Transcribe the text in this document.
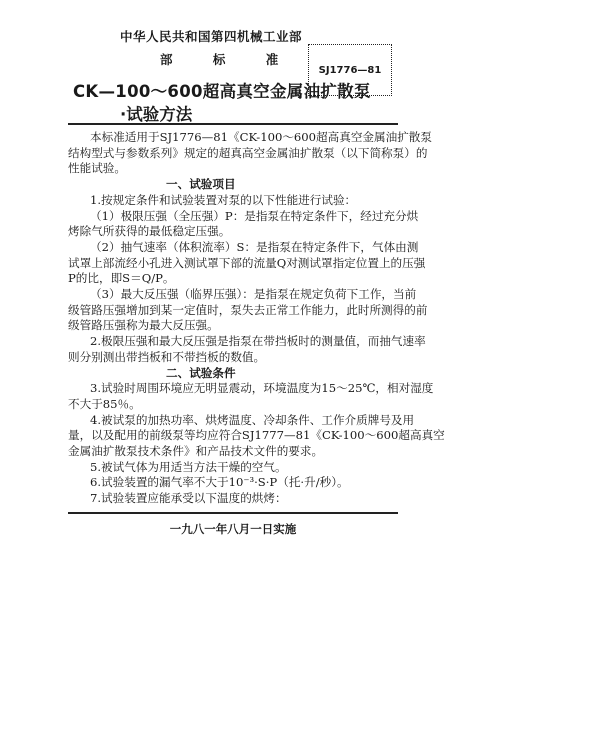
中华人民共和国第四机械工业部
部 标 准
SJ1776—81
CK—100～600超高真空金属油扩散泵
·试验方法
本标准适用于SJ1776—81《CK-100～600超高真空金属油扩散泵
结构型式与参数系列》规定的超真高空金属油扩散泵（以下简称泵）的
性能试验。
一、试验项目
1.按规定条件和试验装置对泵的以下性能进行试验：
（1）极限压强（全压强）P：是指泵在特定条件下，经过充分烘
烤除气所获得的最低稳定压强。
（2）抽气速率（体积流率）S：是指泵在特定条件下，气体由测
试罩上部流经小孔进入测试罩下部的流量Q对测试罩指定位置上的压强
P的比，即S＝Q/P。
（3）最大反压强（临界压强）：是指泵在规定负荷下工作，当前
级管路压强增加到某一定值时，泵失去正常工作能力，此时所测得的前
级管路压强称为最大反压强。
2.极限压强和最大反压强是指泵在带挡板时的测量值，而抽气速率
则分别测出带挡板和不带挡板的数值。
二、试验条件
3.试验时周围环境应无明显震动，环境温度为15～25℃，相对湿度
不大于85％。
4.被试泵的加热功率、烘烤温度、冷却条件、工作介质牌号及用
量，以及配用的前级泵等均应符合SJ1777—81《CK-100～600超高真空
金属油扩散泵技术条件》和产品技术文件的要求。
5.被试气体为用适当方法干燥的空气。
6.试验装置的漏气率不大于10⁻³·S·P（托·升/秒）。
7.试验装置应能承受以下温度的烘烤：
一九八一年八月一日实施
